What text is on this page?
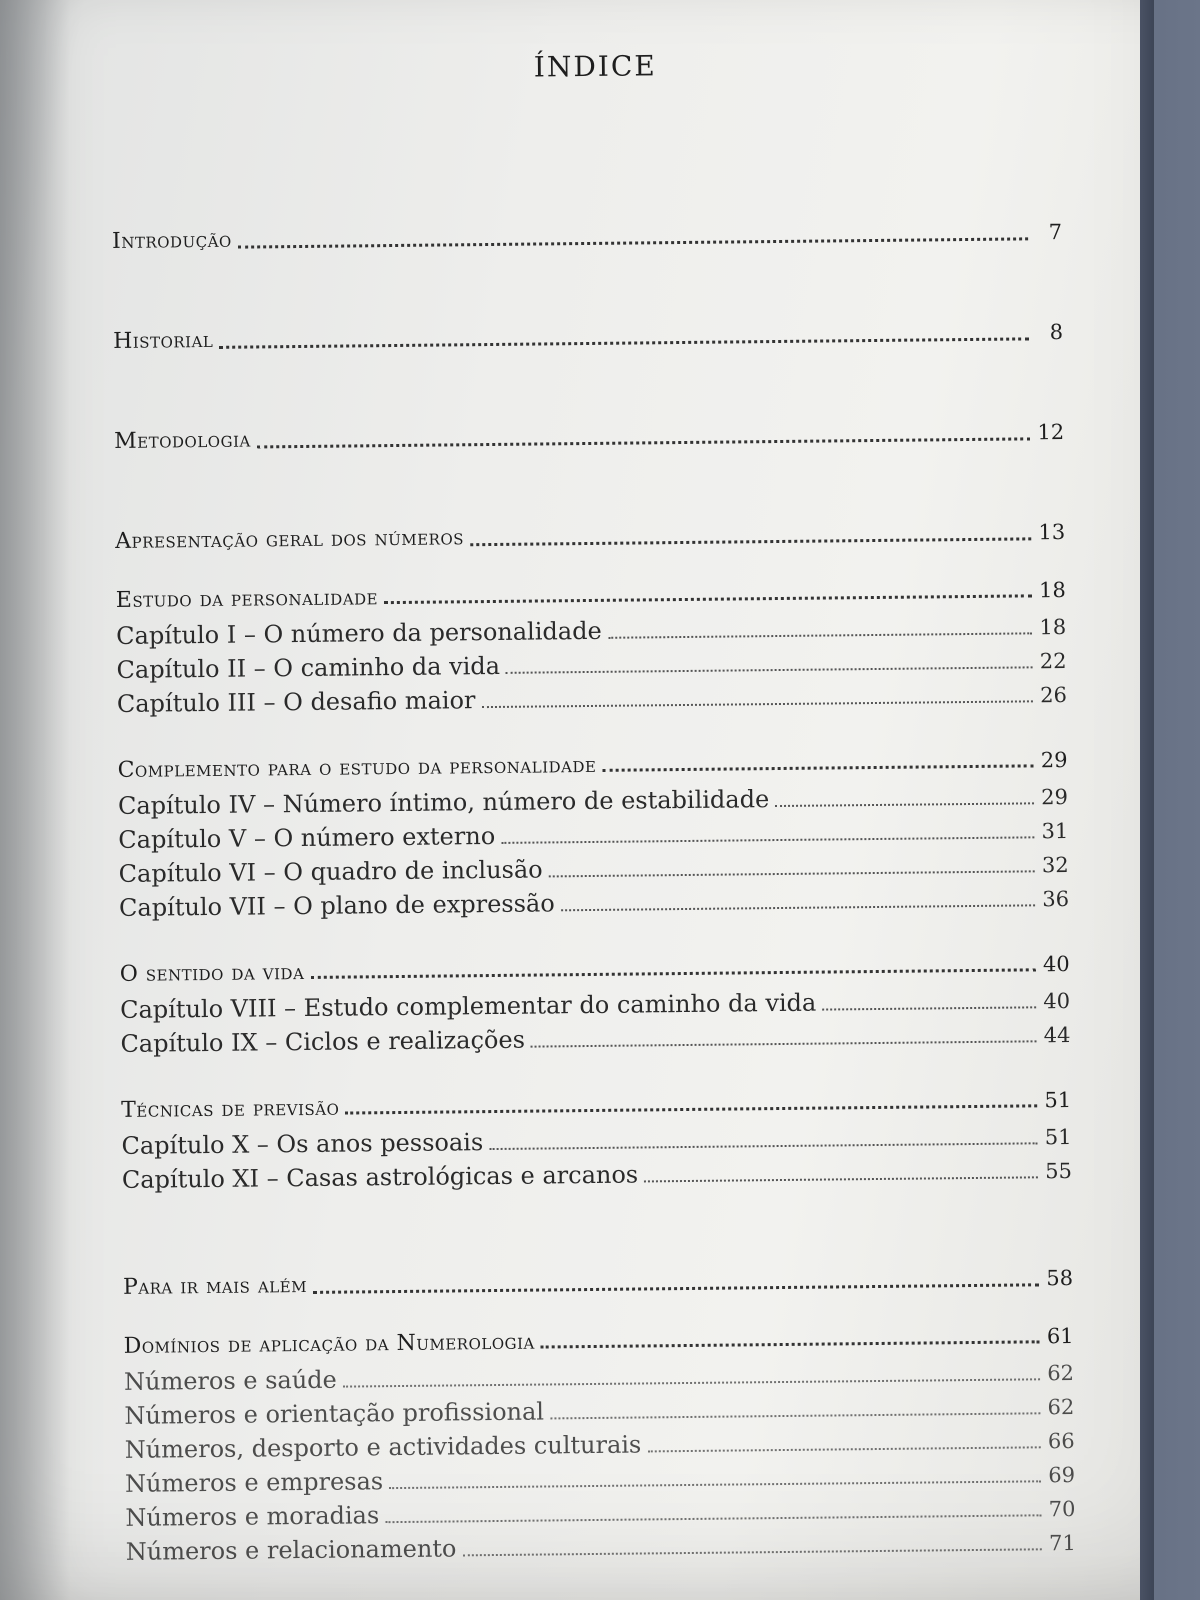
ÍNDICE
Introdução	7
Historial	8
Metodologia	12
Apresentação geral dos números	13
Estudo da personalidade	18
Capítulo I – O número da personalidade	18
Capítulo II – O caminho da vida	22
Capítulo III – O desafio maior	26
Complemento para o estudo da personalidade	29
Capítulo IV – Número íntimo, número de estabilidade	29
Capítulo V – O número externo	31
Capítulo VI – O quadro de inclusão	32
Capítulo VII – O plano de expressão	36
O sentido da vida	40
Capítulo VIII – Estudo complementar do caminho da vida	40
Capítulo IX – Ciclos e realizações	44
Técnicas de previsão	51
Capítulo X – Os anos pessoais	51
Capítulo XI – Casas astrológicas e arcanos	55
Para ir mais além	58
Domínios de aplicação da Numerologia	61
Números e saúde	62
Números e orientação profissional	62
Números, desporto e actividades culturais	66
Números e empresas	69
Números e moradias	70
Números e relacionamento	71
